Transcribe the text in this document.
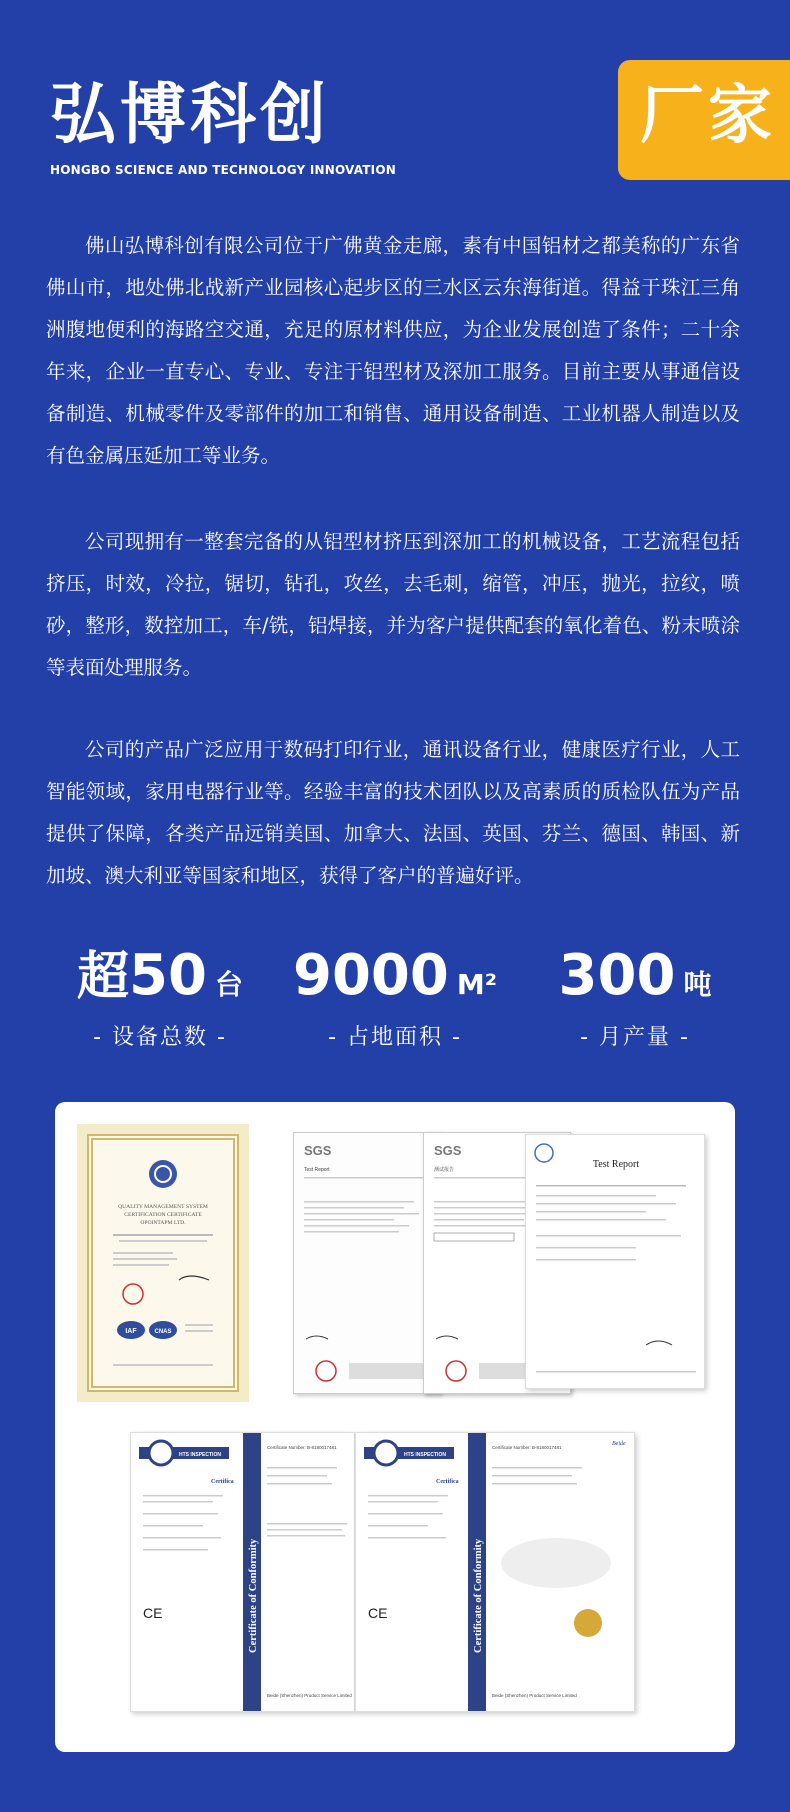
厂家
弘博科创
HONGBO SCIENCE AND TECHNOLOGY INNOVATION

佛山弘博科创有限公司位于广佛黄金走廊，素有中国铝材之都美称的广东省佛山市，地处佛北战新产业园核心起步区的三水区云东海街道。得益于珠江三角洲腹地便利的海路空交通，充足的原材料供应，为企业发展创造了条件；二十余年来，企业一直专心、专业、专注于铝型材及深加工服务。目前主要从事通信设备制造、机械零件及零部件的加工和销售、通用设备制造、工业机器人制造以及有色金属压延加工等业务。

公司现拥有一整套完备的从铝型材挤压到深加工的机械设备，工艺流程包括挤压，时效，冷拉，锯切，钻孔，攻丝，去毛刺，缩管，冲压，抛光，拉纹，喷砂，整形，数控加工，车/铣，铝焊接，并为客户提供配套的氧化着色、粉末喷涂等表面处理服务。

公司的产品广泛应用于数码打印行业，通讯设备行业，健康医疗行业，人工智能领域，家用电器行业等。经验丰富的技术团队以及高素质的质检队伍为产品提供了保障，各类产品远销美国、加拿大、法国、英国、芬兰、德国、韩国、新加坡、澳大利亚等国家和地区，获得了客户的普遍好评。

超 50 台
- 设备总数 -
9000 M²
- 占地面积 -
300 吨
- 月产量 -
QUALITY MANAGEMENT SYSTEM
CERTIFICATION CERTIFICATE
OPOINTAPM LTD.
IAF	CNAS
SGS
Test Report
SGS
测试报告	Test Report
HTS INSPECTION
Certifica
CE	Certificate of Conformity
Certificate Number: B-8180017481
Beide (Shenzhen) Product Service Limited
HTS INSPECTION
Certifica
CE	Certificate of Conformity
Certificate Number: B-8180017481
Beide
Beide (Shenzhen) Product Service Limited
